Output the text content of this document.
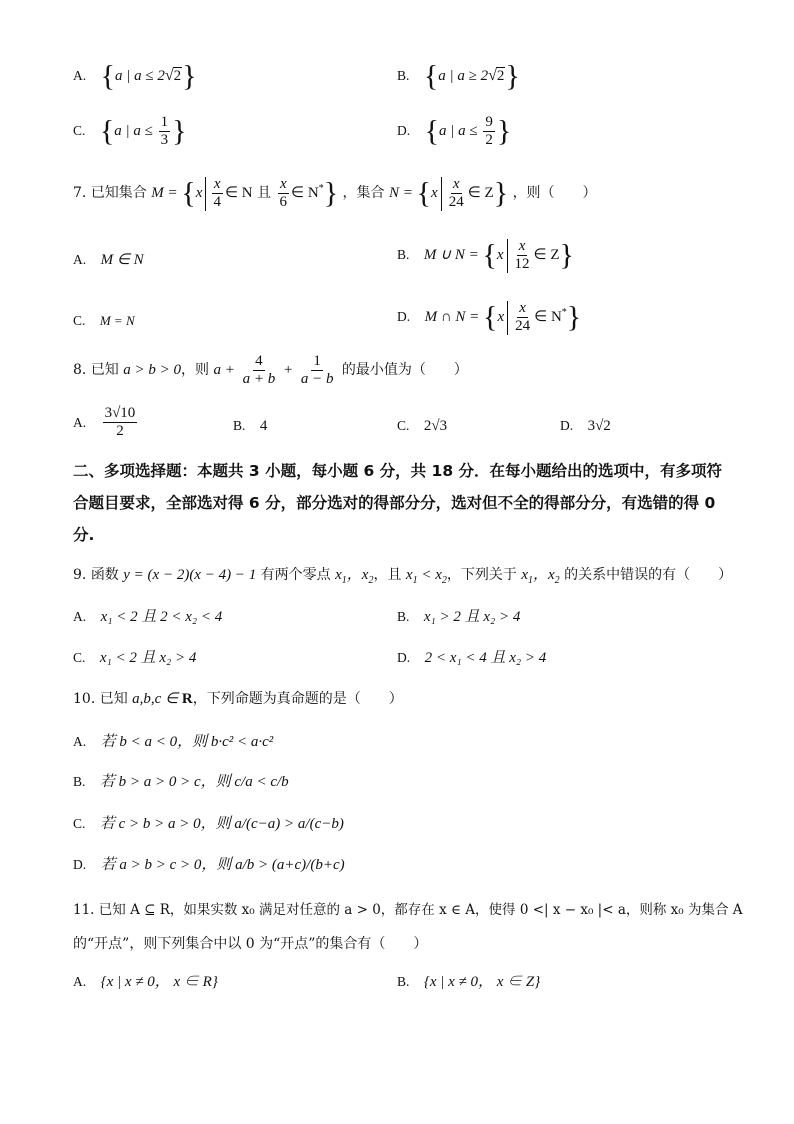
A. {a | a ≤ 2√2}	B. {a | a ≥ 2√2}
C. {a | $a \le \frac{1}{3}$ }	D. {a | $a \le \frac{9}{2}$ }
7. 已知集合 $M = \{x \frac{x}{4}$ ∈ N 且 $\frac{x}{6}$ ∈ N*} ，集合 $N = \{x \frac{x}{24}$ ∈ Z} ，则（　　）
A. M ∈ N	B. M ∪ $N = \{x \frac{x}{12}$ ∈ Z}
C. M = N	D. M ∩ $N = \{x \frac{x}{24}$ ∈ N*}
8. 已知 a > b > 0，则 $a + \frac{4}{a + b} + \frac{1}{a - b}$ 的最小值为（　　）
A. $\frac{3√10}{2}$	B. 4	C. 2√3	D. 3√2
二、多项选择题：本题共 3 小题，每小题 6 分，共 18 分．在每小题给出的选项中，有多项符合题目要求，全部选对得 6 分，部分选对的得部分分，选对但不全的得部分分，有选错的得 0 分.
9. 函数 y = (x − 2)(x − 4) − 1 有两个零点 $x_1$，$x_2$，且 $x_1 < x_2$，下列关于 $x_1$，$x_2$ 的关系中错误的有（　　）
A. x₁ < 2 且 2 < x₂ < 4	B. x₁ > 2 且 x₂ > 4
C. x₁ < 2 且 x₂ > 4	D. 2 < x₁ < 4 且 x₂ > 4
10. 已知 a,b,c ∈ R，下列命题为真命题的是（　　）
A. 若 b < a < 0，则 b·c² < a·c²
B. 若 b > a > 0 > c，则 c/a < c/b
C. 若 c > b > a > 0，则 a/(c−a) > a/(c−b)
D. 若 a > b > c > 0，则 a/b > (a+c)/(b+c)
11. 已知 A ⊆ R，如果实数 x₀ 满足对任意的 a > 0，都存在 x ∈ A，使得 0 <| x − x₀ |< a，则称 x₀ 为集合 A
的“开点”，则下列集合中以 0 为“开点”的集合有（　　）
A. {x | x ≠ 0， x ∈ R}	B. {x | x ≠ 0， x ∈ Z}
